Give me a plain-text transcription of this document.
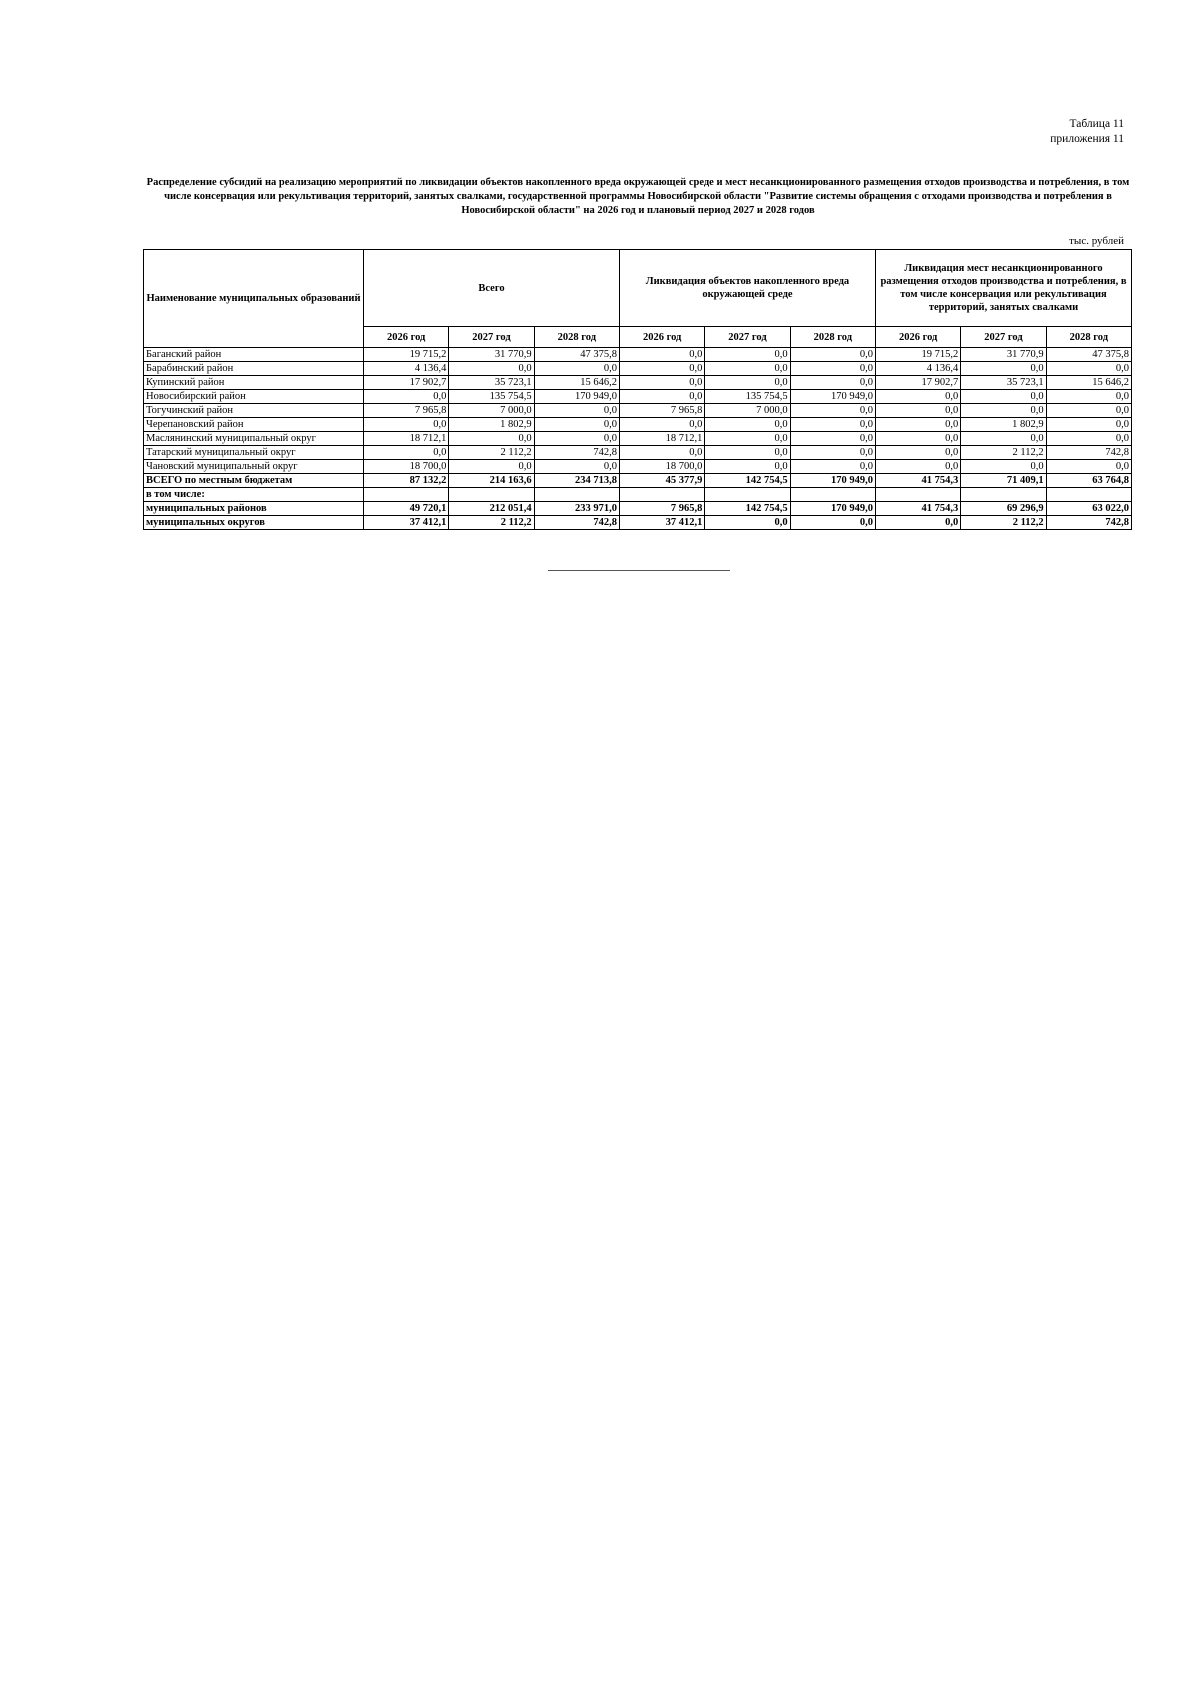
Таблица 11
приложения 11
Распределение субсидий на реализацию мероприятий по ликвидации объектов накопленного вреда окружающей среде и мест несанкционированного размещения отходов производства и потребления, в том числе консервация или рекультивация территорий, занятых свалками, государственной программы Новосибирской области "Развитие системы обращения с отходами производства и потребления в Новосибирской области" на 2026 год и плановый период 2027 и 2028 годов
тыс. рублей
Наименование муниципальных образований	Всего			Ликвидация объектов накопленного вреда окружающей среде			Ликвидация мест несанкционированного размещения отходов производства и потребления, в том числе консервация или рекультивация территорий, занятых свалками		
	2026 год	2027 год	2028 год	2026 год	2027 год	2028 год	2026 год	2027 год	2028 год
Баганский район	19 715,2	31 770,9	47 375,8	0,0	0,0	0,0	19 715,2	31 770,9	47 375,8
Барабинский район	4 136,4	0,0	0,0	0,0	0,0	0,0	4 136,4	0,0	0,0
Купинский район	17 902,7	35 723,1	15 646,2	0,0	0,0	0,0	17 902,7	35 723,1	15 646,2
Новосибирский район	0,0	135 754,5	170 949,0	0,0	135 754,5	170 949,0	0,0	0,0	0,0
Тогучинский район	7 965,8	7 000,0	0,0	7 965,8	7 000,0	0,0	0,0	0,0	0,0
Черепановский район	0,0	1 802,9	0,0	0,0	0,0	0,0	0,0	1 802,9	0,0
Маслянинский муниципальный округ	18 712,1	0,0	0,0	18 712,1	0,0	0,0	0,0	0,0	0,0
Татарский муниципальный округ	0,0	2 112,2	742,8	0,0	0,0	0,0	0,0	2 112,2	742,8
Чановский муниципальный округ	18 700,0	0,0	0,0	18 700,0	0,0	0,0	0,0	0,0	0,0
ВСЕГО по местным бюджетам	87 132,2	214 163,6	234 713,8	45 377,9	142 754,5	170 949,0	41 754,3	71 409,1	63 764,8
в том числе:									
муниципальных районов	49 720,1	212 051,4	233 971,0	7 965,8	142 754,5	170 949,0	41 754,3	69 296,9	63 022,0
муниципальных округов	37 412,1	2 112,2	742,8	37 412,1	0,0	0,0	0,0	2 112,2	742,8
